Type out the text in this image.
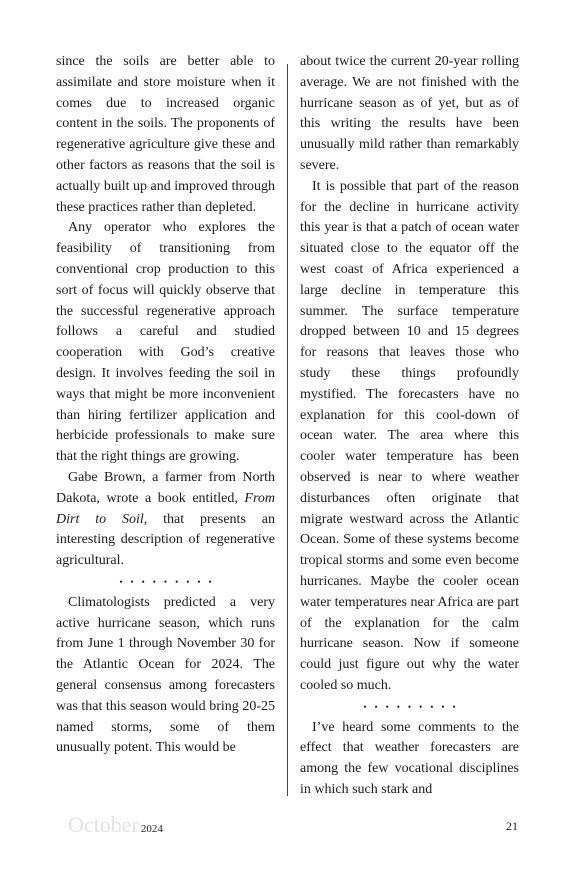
since the soils are better able to assimilate and store moisture when it comes due to increased organic content in the soils. The proponents of regenerative agriculture give these and other factors as reasons that the soil is actually built up and improved through these practices rather than depleted.

Any operator who explores the feasibility of transitioning from conventional crop production to this sort of focus will quickly observe that the successful regenerative approach follows a careful and studied cooperation with God’s creative design. It involves feeding the soil in ways that might be more inconvenient than hiring fertilizer application and herbicide professionals to make sure that the right things are growing.

Gabe Brown, a farmer from North Dakota, wrote a book entitled, From Dirt to Soil, that presents an interesting description of regenerative agricultural.

•••••••••

Climatologists predicted a very active hurricane season, which runs from June 1 through November 30 for the Atlantic Ocean for 2024. The general consensus among forecasters was that this season would bring 20-25 named storms, some of them unusually potent. This would be

about twice the current 20-year rolling average. We are not finished with the hurricane season as of yet, but as of this writing the results have been unusually mild rather than remarkably severe.

It is possible that part of the reason for the decline in hurricane activity this year is that a patch of ocean water situated close to the equator off the west coast of Africa experienced a large decline in temperature this summer. The surface temperature dropped between 10 and 15 degrees for reasons that leaves those who study these things profoundly mystified. The forecasters have no explanation for this cool-down of ocean water. The area where this cooler water temperature has been observed is near to where weather disturbances often originate that migrate westward across the Atlantic Ocean. Some of these systems become tropical storms and some even become hurricanes. Maybe the cooler ocean water temperatures near Africa are part of the explanation for the calm hurricane season. Now if someone could just figure out why the water cooled so much.

•••••••••

I’ve heard some comments to the effect that weather forecasters are among the few vocational disciplines in which such stark and

October 2024	21
